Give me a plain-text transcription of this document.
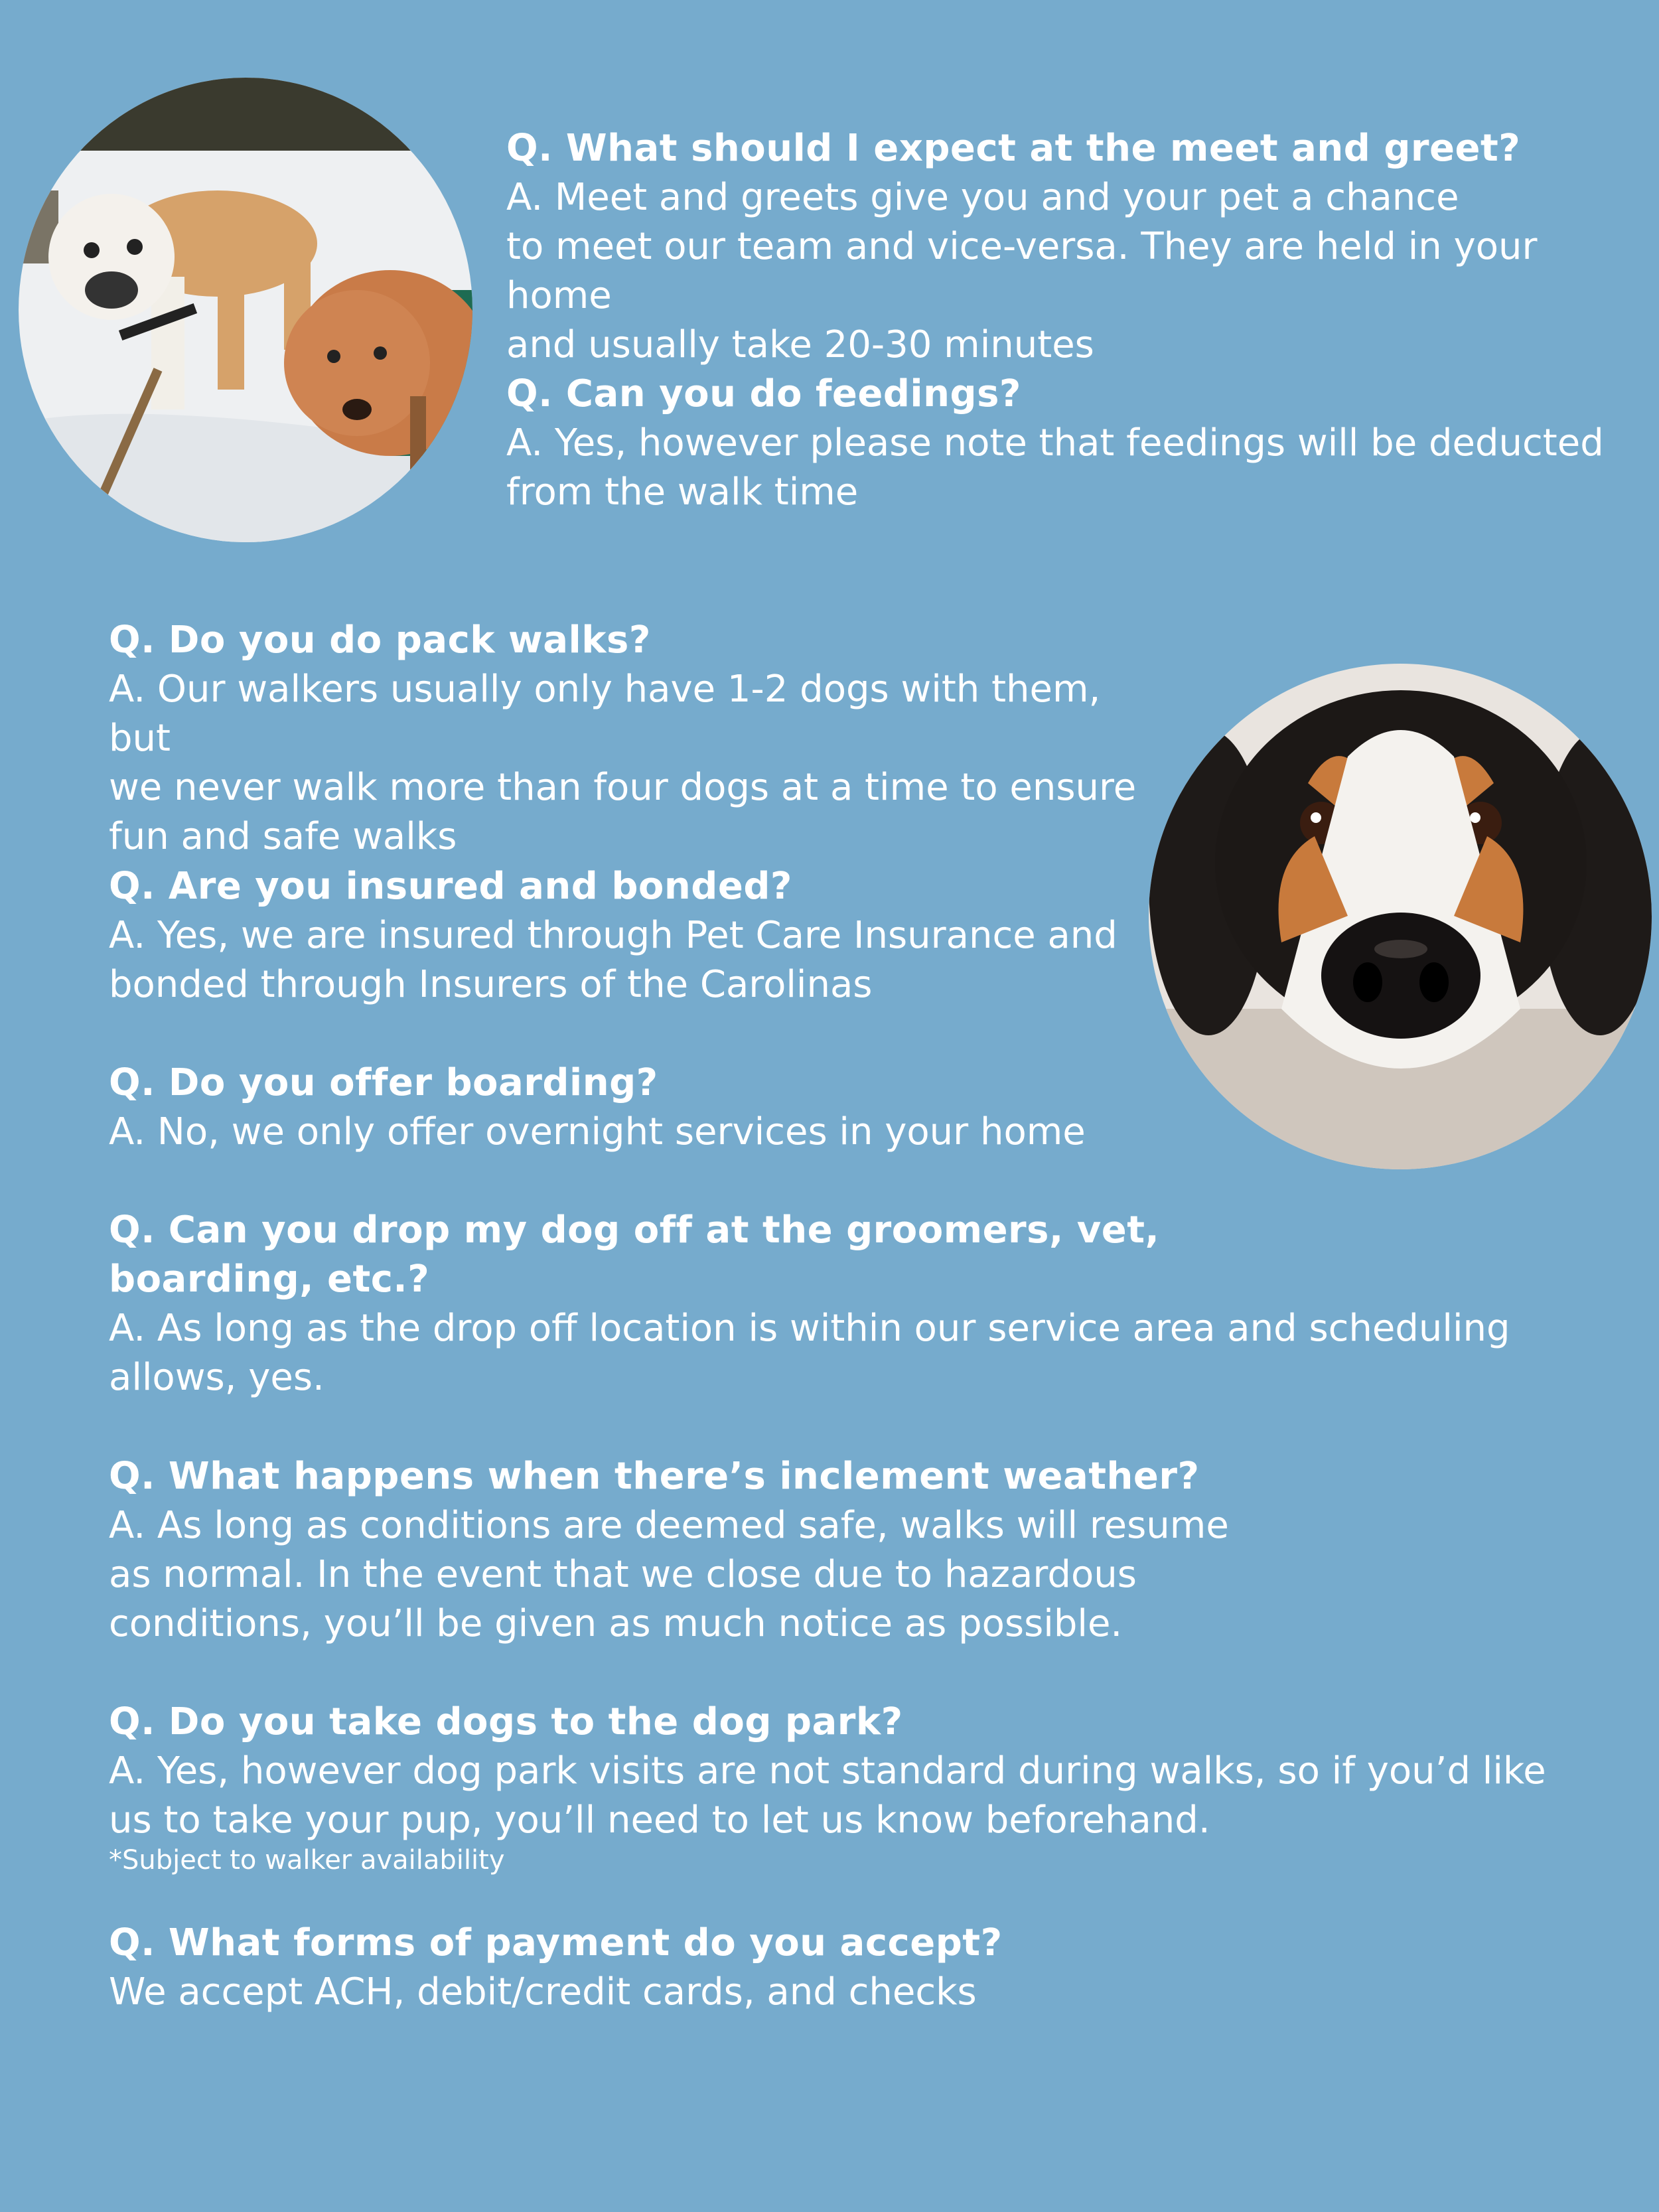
Q. What should I expect at the meet and greet?
A. Meet and greets give you and your pet a chance
to meet our team and vice-versa. They are held in your home
and usually take 20-30 minutes
Q. Can you do feedings?
A. Yes, however please note that feedings will be deducted
from the walk time
Q. Do you do pack walks?
A. Our walkers usually only have 1-2 dogs with them, but
we never walk more than four dogs at a time to ensure
fun and safe walks
Q. Are you insured and bonded?
A. Yes, we are insured through Pet Care Insurance and
bonded through Insurers of the Carolinas
Q. Do you offer boarding?
A. No, we only offer overnight services in your home
Q. Can you drop my dog off at the groomers, vet,
boarding, etc.?
A. As long as the drop off location is within our service area and scheduling
allows, yes.
Q. What happens when there’s inclement weather?
A. As long as conditions are deemed safe, walks will resume
as normal. In the event that we close due to hazardous
conditions, you’ll be given as much notice as possible.
Q. Do you take dogs to the dog park?
A. Yes, however dog park visits are not standard during walks, so if you’d like
us to take your pup, you’ll need to let us know beforehand.
*Subject to walker availability
Q. What forms of payment do you accept?
We accept ACH, debit/credit cards, and checks
